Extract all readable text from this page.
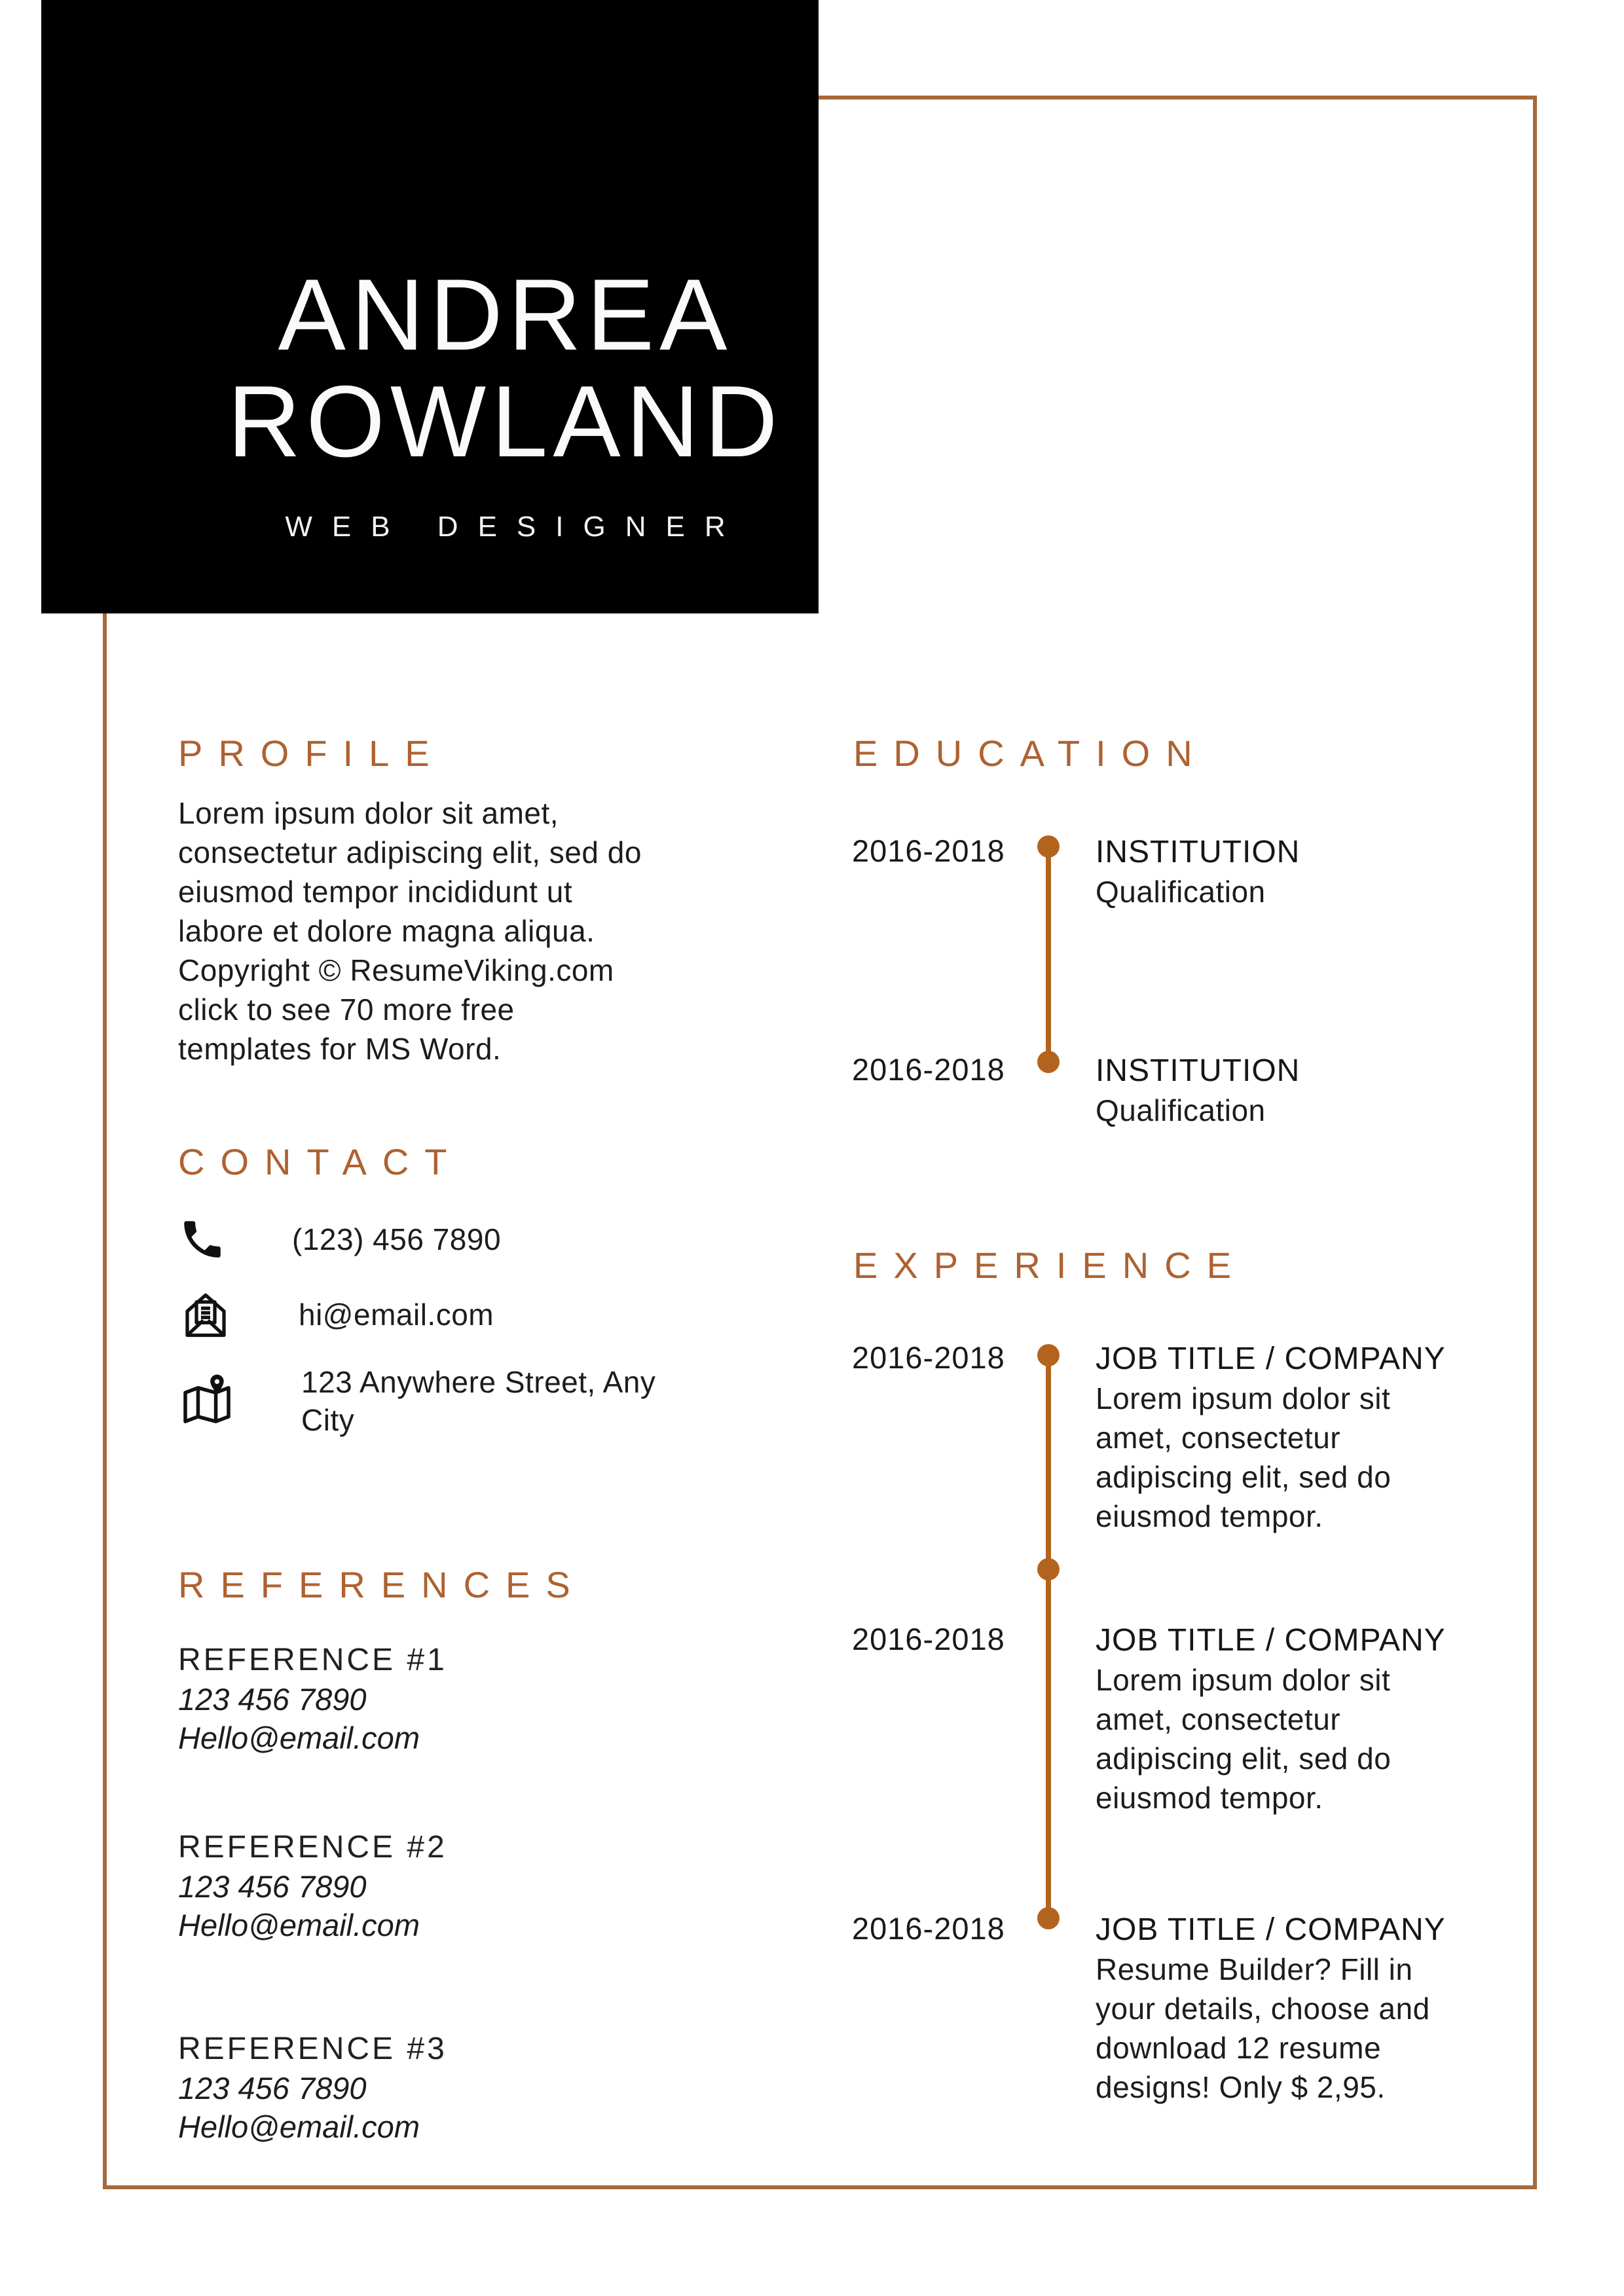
ANDREA
ROWLAND
WEB DESIGNER
PROFILE
Lorem ipsum dolor sit amet,
consectetur adipiscing elit, sed do
eiusmod tempor incididunt ut
labore et dolore magna aliqua.
Copyright © ResumeViking.com
click to see 70 more free
templates for MS Word.
CONTACT
(123) 456 7890
hi@email.com
123 Anywhere Street, Any
City
REFERENCES
REFERENCE #1
123 456 7890
Hello@email.com
REFERENCE #2
123 456 7890
Hello@email.com
REFERENCE #3
123 456 7890
Hello@email.com
EDUCATION
2016-2018	INSTITUTION
Qualification
2016-2018	INSTITUTION
Qualification
EXPERIENCE
2016-2018	JOB TITLE / COMPANY
Lorem ipsum dolor sit
amet, consectetur
adipiscing elit, sed do
eiusmod tempor.
2016-2018	JOB TITLE / COMPANY
Lorem ipsum dolor sit
amet, consectetur
adipiscing elit, sed do
eiusmod tempor.
2016-2018	JOB TITLE / COMPANY
Resume Builder? Fill in
your details, choose and
download 12 resume
designs! Only $ 2,95.
